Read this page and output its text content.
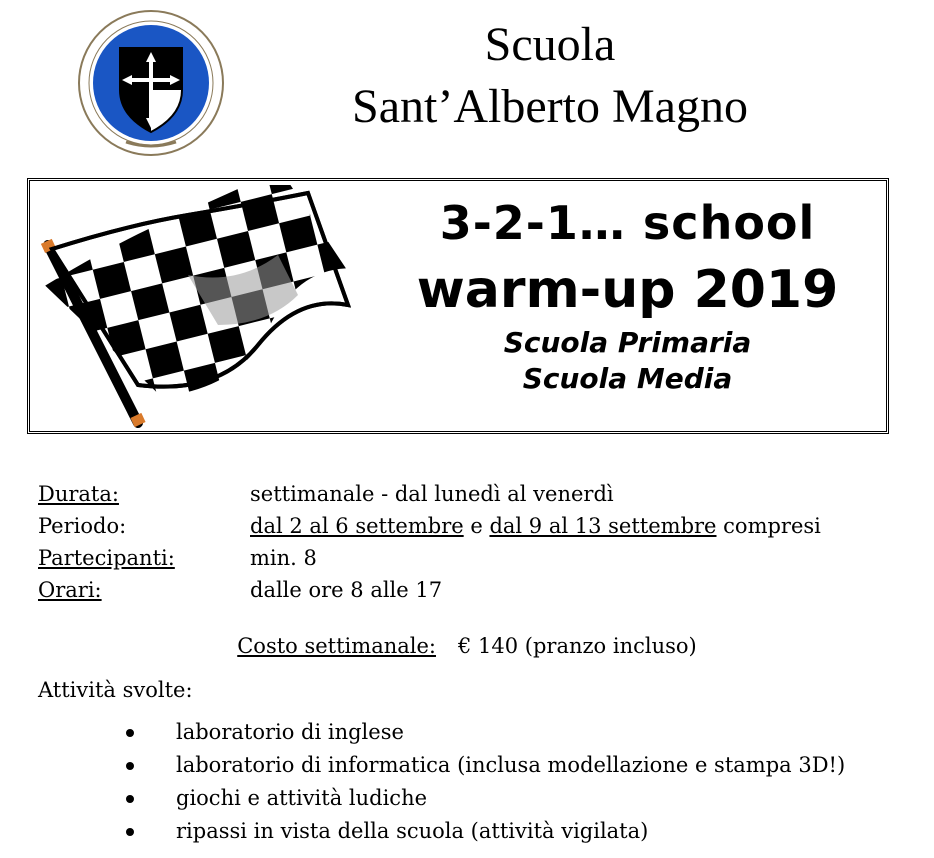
Scuola
Sant’Alberto Magno
3-2-1… school
warm-up 2019
Scuola Primaria
Scuola Media
Durata:	settimanale - dal lunedì al venerdì
Periodo:	dal 2 al 6 settembre e dal 9 al 13 settembre compresi
Partecipanti:	min. 8
Orari:	dalle ore 8 alle 17
Costo settimanale: € 140 (pranzo incluso)
Attività svolte:
laboratorio di inglese
laboratorio di informatica (inclusa modellazione e stampa 3D!)
giochi e attività ludiche
ripassi in vista della scuola (attività vigilata)
